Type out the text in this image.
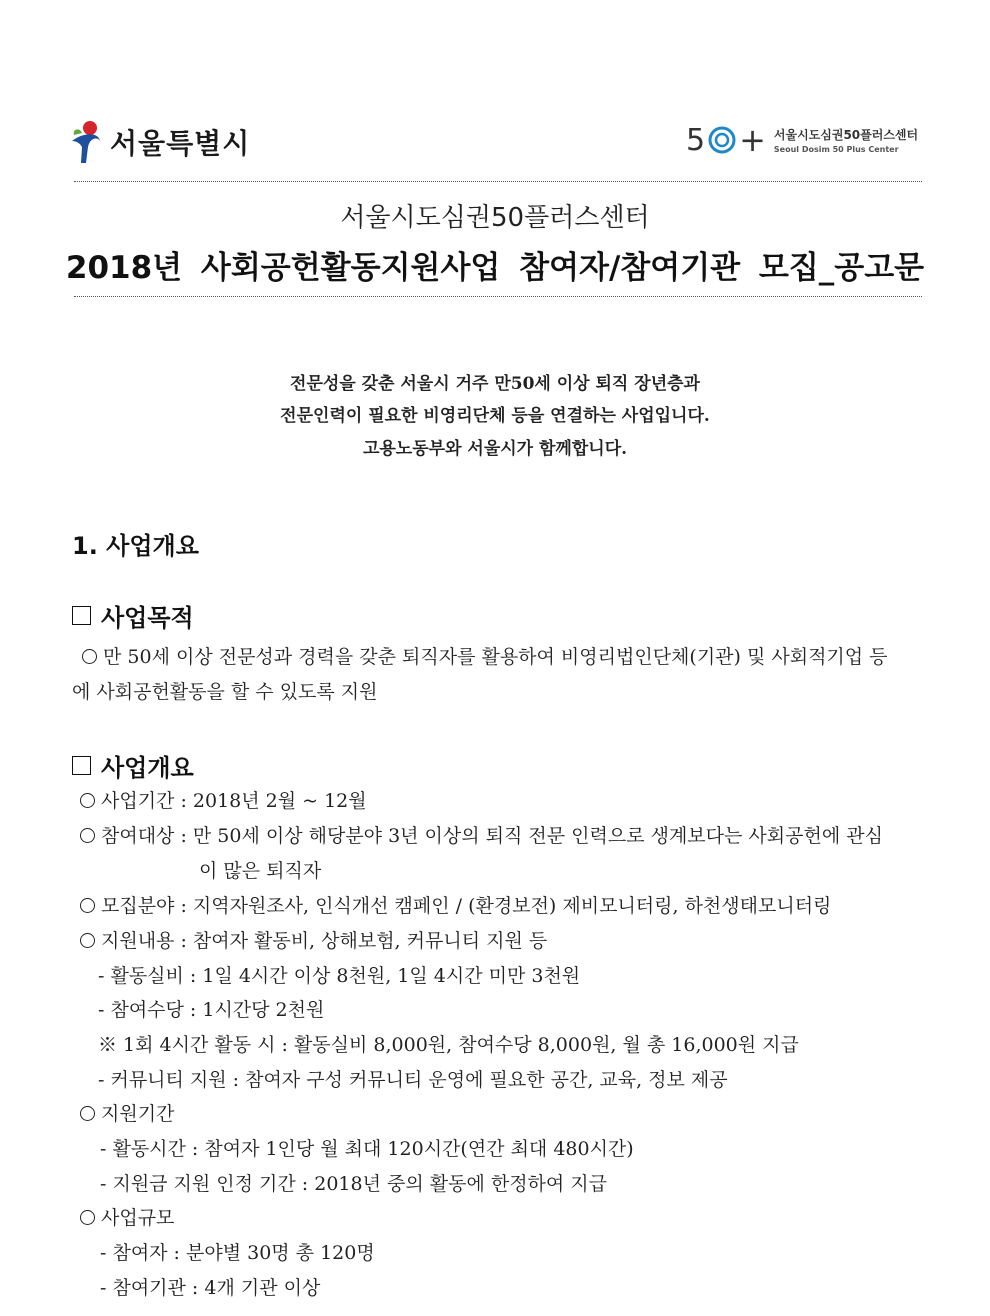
서울특별시	5 + 서울시도심권50플러스센터
Seoul Dosim 50 Plus Center
서울시도심권50플러스센터
2018년 사회공헌활동지원사업 참여자/참여기관 모집_공고문
전문성을 갖춘 서울시 거주 만50세 이상 퇴직 장년층과
전문인력이 필요한 비영리단체 등을 연결하는 사업입니다.
고용노동부와 서울시가 함께합니다.
1. 사업개요
사업목적
만 50세 이상 전문성과 경력을 갖춘 퇴직자를 활용하여 비영리법인단체(기관) 및 사회적기업 등
에 사회공헌활동을 할 수 있도록 지원
사업개요
사업기간 : 2018년 2월 ~ 12월
참여대상 : 만 50세 이상 해당분야 3년 이상의 퇴직 전문 인력으로 생계보다는 사회공헌에 관심
이 많은 퇴직자
모집분야 : 지역자원조사, 인식개선 캠페인 / (환경보전) 제비모니터링, 하천생태모니터링
지원내용 : 참여자 활동비, 상해보험, 커뮤니티 지원 등
- 활동실비 : 1일 4시간 이상 8천원, 1일 4시간 미만 3천원
- 참여수당 : 1시간당 2천원
※ 1회 4시간 활동 시 : 활동실비 8,000원, 참여수당 8,000원, 월 총 16,000원 지급
- 커뮤니티 지원 : 참여자 구성 커뮤니티 운영에 필요한 공간, 교육, 정보 제공
지원기간
- 활동시간 : 참여자 1인당 월 최대 120시간(연간 최대 480시간)
- 지원금 지원 인정 기간 : 2018년 중의 활동에 한정하여 지급
사업규모
- 참여자 : 분야별 30명 총 120명
- 참여기관 : 4개 기관 이상
